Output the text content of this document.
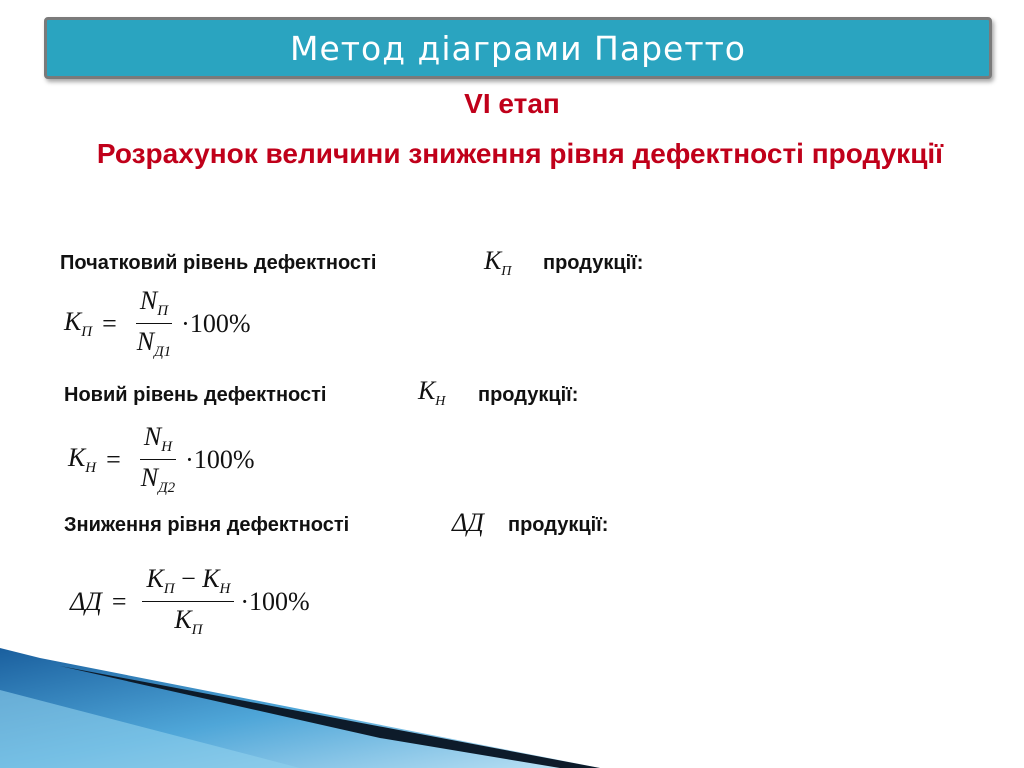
Метод діаграми Паретто
VI етап
Розрахунок величини зниження рівня дефектності продукції
Початковий рівень дефектності	$К_П$ продукції:
$К_П = \frac{N_П}{N_{Д1}} \cdot 100\%$
Новий рівень дефектності	$К_Н$ продукції:
$К_Н = \frac{N_Н}{N_{Д2}} \cdot 100\%$
Зниження рівня дефектності	ΔД продукції:
$\Delta Д = \frac{К_П - К_Н}{К_П} \cdot 100\%$
